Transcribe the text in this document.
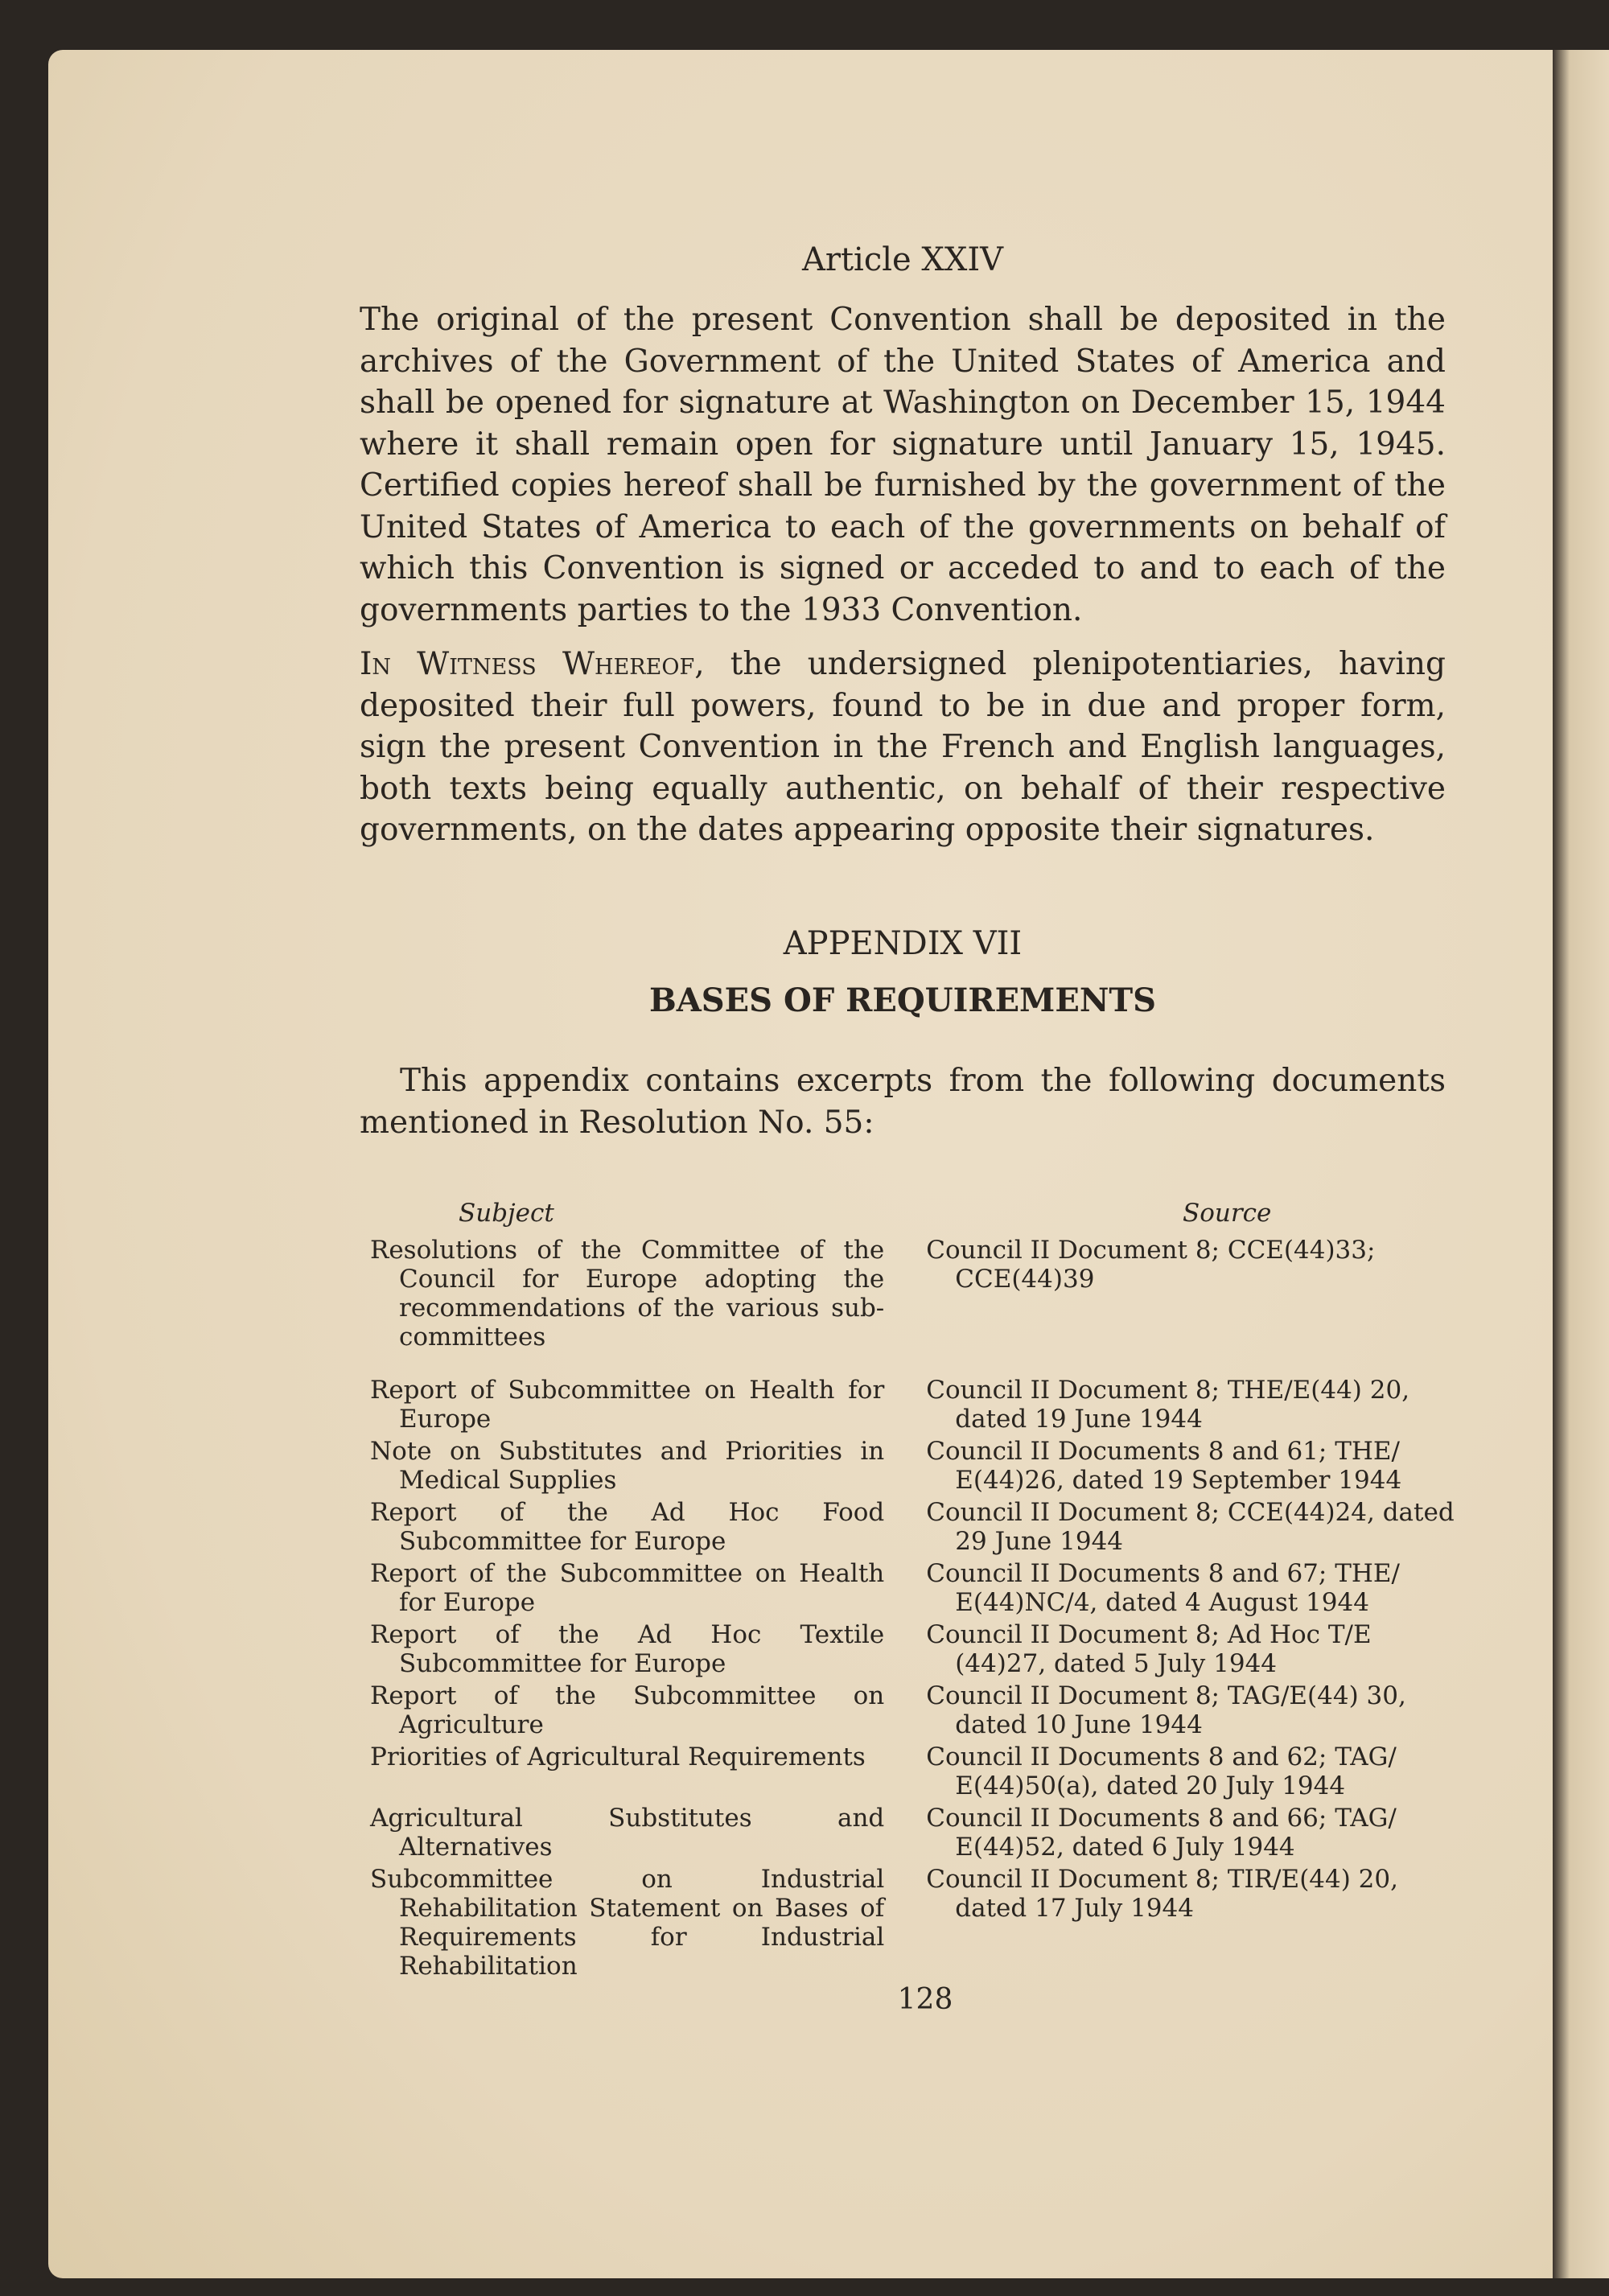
Article XXIV

The original of the present Convention shall be deposited in the archives of the Government of the United States of America and shall be opened for signature at Washington on December 15, 1944 where it shall remain open for signature until January 15, 1945. Certified copies hereof shall be furnished by the government of the United States of America to each of the governments on behalf of which this Convention is signed or acceded to and to each of the governments parties to the 1933 Convention.

In Witness Whereof, the undersigned plenipotentiaries, having deposited their full powers, found to be in due and proper form, sign the present Convention in the French and English languages, both texts being equally authentic, on behalf of their respective governments, on the dates appearing opposite their signatures.

APPENDIX VII
BASES OF REQUIREMENTS

This appendix contains excerpts from the following documents mentioned in Resolution No. 55:

Subject	Source
Resolutions of the Committee of the Council for Europe adopting the recommendations of the various sub-committees
Council II Document 8; CCE(44)33; CCE(44)39
Report of Subcommittee on Health for Europe
Council II Document 8; THE/E(44) 20, dated 19 June 1944
Note on Substitutes and Priorities in Medical Supplies
Council II Documents 8 and 61; THE/ E(44)26, dated 19 September 1944
Report of the Ad Hoc Food Subcommittee for Europe
Council II Document 8; CCE(44)24, dated 29 June 1944
Report of the Subcommittee on Health for Europe
Council II Documents 8 and 67; THE/ E(44)NC/4, dated 4 August 1944
Report of the Ad Hoc Textile Subcommittee for Europe
Council II Document 8; Ad Hoc T/E (44)27, dated 5 July 1944
Report of the Subcommittee on Agriculture
Council II Document 8; TAG/E(44) 30, dated 10 June 1944
Priorities of Agricultural Requirements	Council II Documents 8 and 62; TAG/ E(44)50(a), dated 20 July 1944
Agricultural Substitutes and Alternatives
Council II Documents 8 and 66; TAG/ E(44)52, dated 6 July 1944
Subcommittee on Industrial Rehabilitation Statement on Bases of Requirements for Industrial Rehabilitation
Council II Document 8; TIR/E(44) 20, dated 17 July 1944
128
